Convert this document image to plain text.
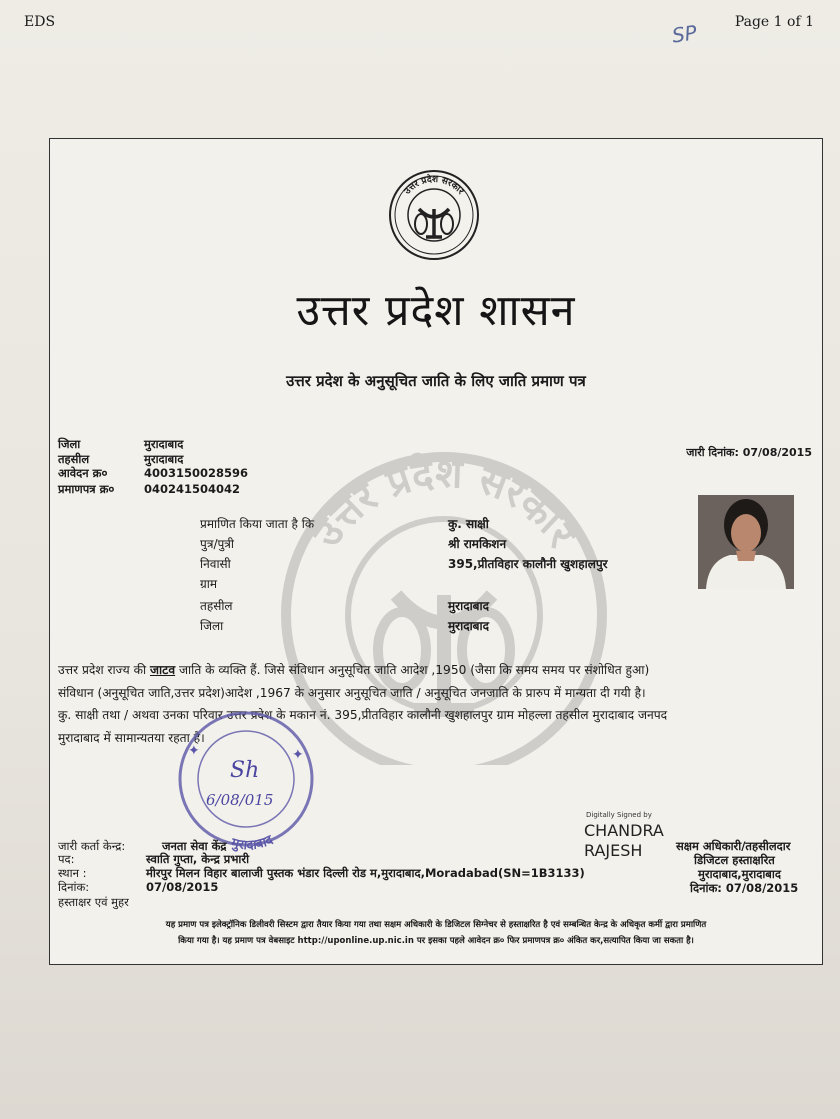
EDS	Page 1 of 1
SP
उत्तर प्रदेश सरकार
उत्तर प्रदेश सरकार
उत्तर प्रदेश शासन
उत्तर प्रदेश के अनुसूचित जाति के लिए जाति प्रमाण पत्र
जिला	मुरादाबाद
तहसील	मुरादाबाद
आवेदन क्र०	4003150028596
प्रमाणपत्र क्र०	040241504042
जारी दिनांक: 07/08/2015
प्रमाणित किया जाता है कि	कु. साक्षी
पुत्र/पुत्री	श्री रामकिशन
निवासी	395,प्रीतविहार कालौनी खुशहालपुर
ग्राम
तहसील	मुरादाबाद
जिला	मुरादाबाद

उत्तर प्रदेश राज्य की जाटव जाति के व्यक्ति हैं. जिसे संविधान अनुसूचित जाति आदेश ,1950 (जैसा कि समय समय पर संशोधित हुआ)

संविधान (अनुसूचित जाति,उत्तर प्रदेश)आदेश ,1967 के अनुसार अनुसूचित जाति / अनुसूचित जनजाति के प्रारुप में मान्यता दी गयी है।

कु. साक्षी तथा / अथवा उनका परिवार उत्तर प्रदेश के मकान नं. 395,प्रीतविहार कालौनी खुशहालपुर ग्राम मोहल्ला तहसील मुरादाबाद जनपद

मुरादाबाद में सामान्यतया रहता है।

✦	✦
Sh
6/08/015
मुरादाबाद
जारी कर्ता केन्द्र:	जनता सेवा केंद्र
पद:	स्वाति गुप्ता, केन्द्र प्रभारी
स्थान :	मीरपुर मिलन विहार बालाजी पुस्तक भंडार दिल्ली रोड म,मुरादाबाद,Moradabad(SN=1B3133)
दिनांक:	07/08/2015
हस्ताक्षर एवं मुहर
Digitally Signed by
CHANDRA
RAJESH	सक्षम अधिकारी/तहसीलदार
डिजिटल हस्ताक्षरित
मुरादाबाद,मुरादाबाद
दिनांक: 07/08/2015

यह प्रमाण पत्र इलेक्ट्रॉनिक डिलीवरी सिस्टम द्वारा तैयार किया गया तथा सक्षम अधिकारी के डिजिटल सिग्नेचर से हस्ताक्षरित है एवं सम्बन्धित केन्द्र के अधिकृत कर्मी द्वारा प्रमाणित

किया गया है। यह प्रमाण पत्र वेबसाइट http://uponline.up.nic.in पर इसका पहले आवेदन क्र० फिर प्रमाणपत्र क्र० अंकित कर,सत्यापित किया जा सकता है।
